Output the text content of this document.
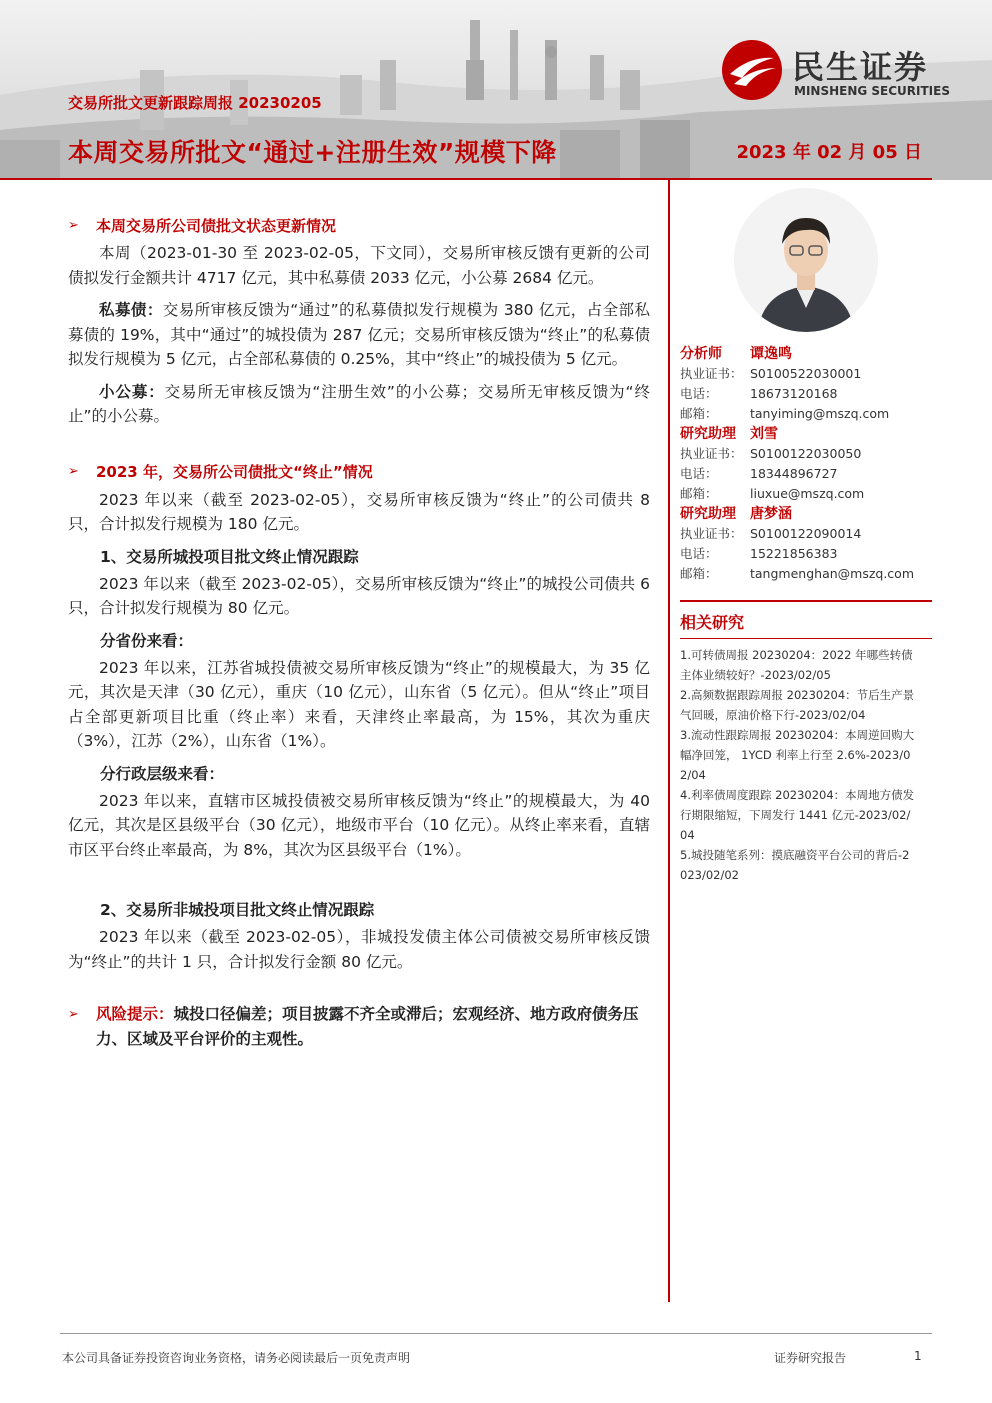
民生证券
MINSHENG SECURITIES
交易所批文更新跟踪周报 20230205
本周交易所批文“通过+注册生效”规模下降	2023 年 02 月 05 日
➢	本周交易所公司债批文状态更新情况
本周（2023-01-30 至 2023-02-05，下文同），交易所审核反馈有更新的公司债拟发行金额共计 4717 亿元，其中私募债 2033 亿元，小公募 2684 亿元。
私募债：交易所审核反馈为“通过”的私募债拟发行规模为 380 亿元，占全部私募债的 19%，其中“通过”的城投债为 287 亿元；交易所审核反馈为“终止”的私募债拟发行规模为 5 亿元，占全部私募债的 0.25%，其中“终止”的城投债为 5 亿元。
小公募：交易所无审核反馈为“注册生效”的小公募；交易所无审核反馈为“终止”的小公募。
➢	2023 年，交易所公司债批文“终止”情况
2023 年以来（截至 2023-02-05），交易所审核反馈为“终止”的公司债共 8 只，合计拟发行规模为 180 亿元。
1、交易所城投项目批文终止情况跟踪
2023 年以来（截至 2023-02-05），交易所审核反馈为“终止”的城投公司债共 6 只，合计拟发行规模为 80 亿元。
分省份来看：
2023 年以来，江苏省城投债被交易所审核反馈为“终止”的规模最大，为 35 亿元，其次是天津（30 亿元），重庆（10 亿元），山东省（5 亿元）。但从“终止”项目占全部更新项目比重（终止率）来看，天津终止率最高，为 15%，其次为重庆（3%），江苏（2%），山东省（1%）。
分行政层级来看：
2023 年以来，直辖市区城投债被交易所审核反馈为“终止”的规模最大，为 40 亿元，其次是区县级平台（30 亿元），地级市平台（10 亿元）。从终止率来看，直辖市区平台终止率最高，为 8%，其次为区县级平台（1%）。
2、交易所非城投项目批文终止情况跟踪
2023 年以来（截至 2023-02-05），非城投发债主体公司债被交易所审核反馈为“终止”的共计 1 只，合计拟发行金额 80 亿元。
➢	风险提示：城投口径偏差；项目披露不齐全或滞后；宏观经济、地方政府债务压力、区域及平台评价的主观性。
分析师	谭逸鸣
执业证书： S0100522030001
电话：	18673120168
邮箱：	tanyiming@mszq.com
研究助理	刘雪
执业证书： S0100122030050
电话：	18344896727
邮箱：	liuxue@mszq.com
研究助理	唐梦涵
执业证书： S0100122090014
电话：	15221856383
邮箱：	tangmenghan@mszq.com
相关研究
1.可转债周报 20230204：2022 年哪些转债
主体业绩较好？-2023/02/05
2.高频数据跟踪周报 20230204：节后生产景
气回暖，原油价格下行-2023/02/04
3.流动性跟踪周报 20230204：本周逆回购大
幅净回笼， 1YCD 利率上行至 2.6%-2023/0
2/04
4.利率债周度跟踪 20230204：本周地方债发
行期限缩短，下周发行 1441 亿元-2023/02/
04
5.城投随笔系列：摸底融资平台公司的背后-2
023/02/02
本公司具备证券投资咨询业务资格，请务必阅读最后一页免责声明	证券研究报告	1
